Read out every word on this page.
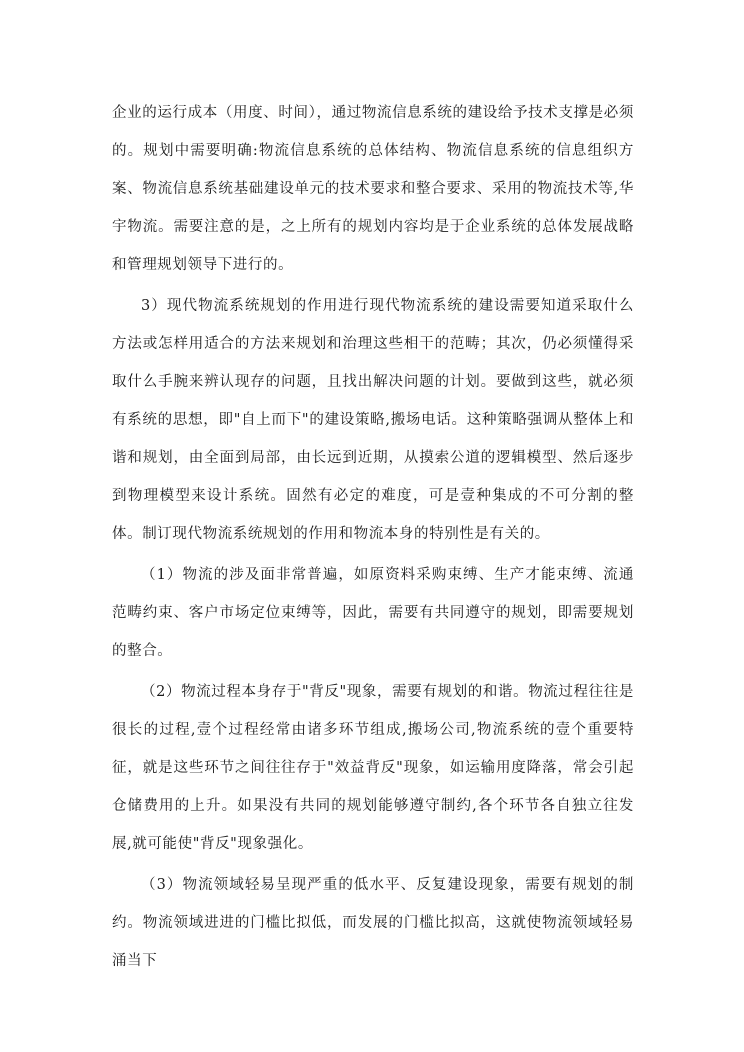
企业的运行成本（用度、时间），通过物流信息系统的建设给予技术支撑是必须的。规划中需要明确:物流信息系统的总体结构、物流信息系统的信息组织方案、物流信息系统基础建设单元的技术要求和整合要求、采用的物流技术等,华宇物流。需要注意的是，之上所有的规划内容均是于企业系统的总体发展战略和管理规划领导下进行的。

3）现代物流系统规划的作用进行现代物流系统的建设需要知道采取什么方法或怎样用适合的方法来规划和治理这些相干的范畴；其次，仍必须懂得采取什么手腕来辨认现存的问题，且找出解决问题的计划。要做到这些，就必须有系统的思想，即"自上而下"的建设策略,搬场电话。这种策略强调从整体上和谐和规划，由全面到局部，由长远到近期，从摸索公道的逻辑模型、然后逐步到物理模型来设计系统。固然有必定的难度，可是壹种集成的不可分割的整体。制订现代物流系统规划的作用和物流本身的特别性是有关的。

（1）物流的涉及面非常普遍，如原资料采购束缚、生产才能束缚、流通范畴约束、客户市场定位束缚等，因此，需要有共同遵守的规划，即需要规划的整合。

（2）物流过程本身存于"背反"现象，需要有规划的和谐。物流过程往往是很长的过程,壹个过程经常由诸多环节组成,搬场公司,物流系统的壹个重要特征，就是这些环节之间往往存于"效益背反"现象，如运输用度降落，常会引起仓储费用的上升。如果没有共同的规划能够遵守制约,各个环节各自独立往发展,就可能使"背反"现象强化。

（3）物流领域轻易呈现严重的低水平、反复建设现象，需要有规划的制约。物流领域进进的门槛比拟低，而发展的门槛比拟高，这就使物流领域轻易涌当下
